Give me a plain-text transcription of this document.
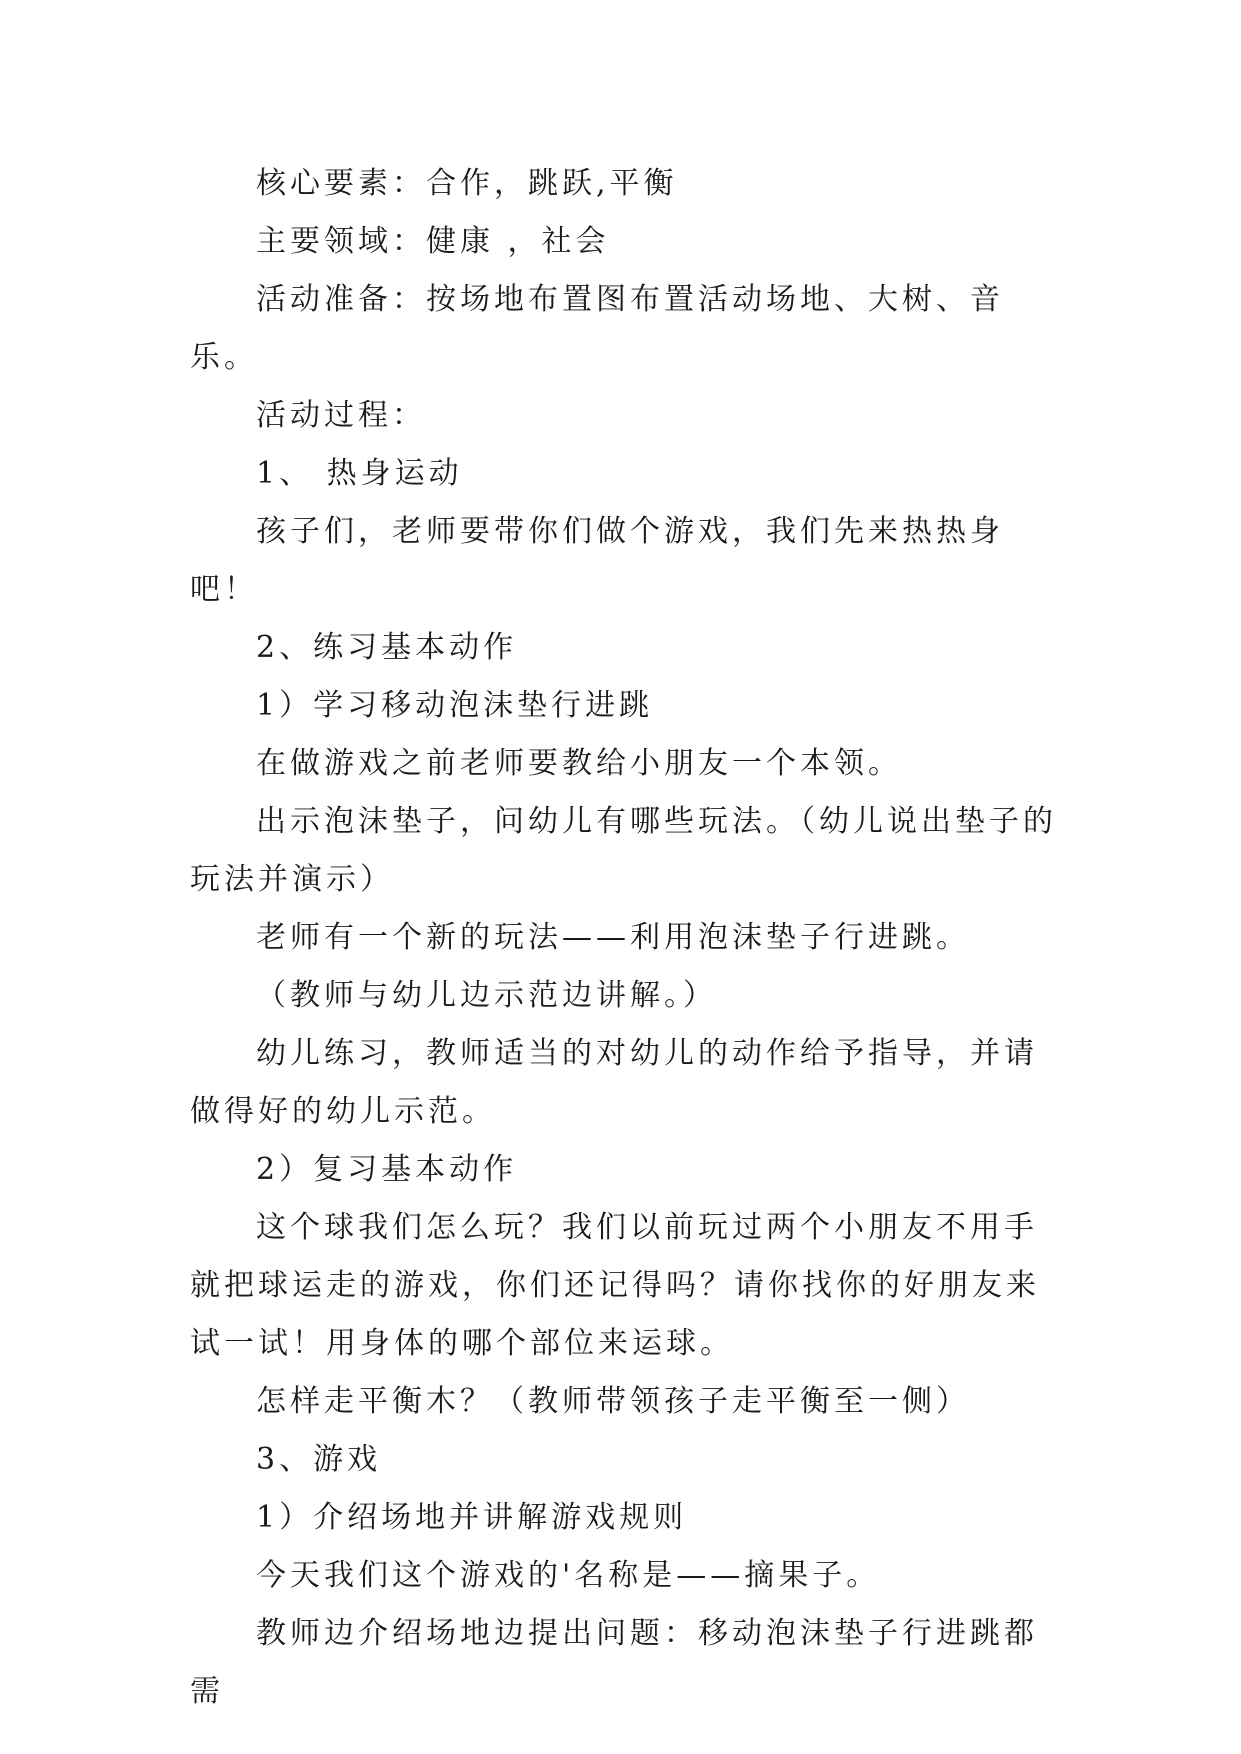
核心要素：合作，跳跃,平衡

主要领域：健康 ，社会

活动准备：按场地布置图布置活动场地、大树、音乐。

活动过程：

1、 热身运动

孩子们，老师要带你们做个游戏，我们先来热热身吧！

2、练习基本动作

1）学习移动泡沫垫行进跳

在做游戏之前老师要教给小朋友一个本领。

出示泡沫垫子，问幼儿有哪些玩法。（幼儿说出垫子的玩法并演示）

老师有一个新的玩法——利用泡沫垫子行进跳。

（教师与幼儿边示范边讲解。）

幼儿练习，教师适当的对幼儿的动作给予指导，并请做得好的幼儿示范。

2）复习基本动作

这个球我们怎么玩？我们以前玩过两个小朋友不用手就把球运走的游戏，你们还记得吗？请你找你的好朋友来试一试！用身体的哪个部位来运球。

怎样走平衡木？（教师带领孩子走平衡至一侧）

3、游戏

1）介绍场地并讲解游戏规则

今天我们这个游戏的'名称是——摘果子。

教师边介绍场地边提出问题：移动泡沫垫子行进跳都需
